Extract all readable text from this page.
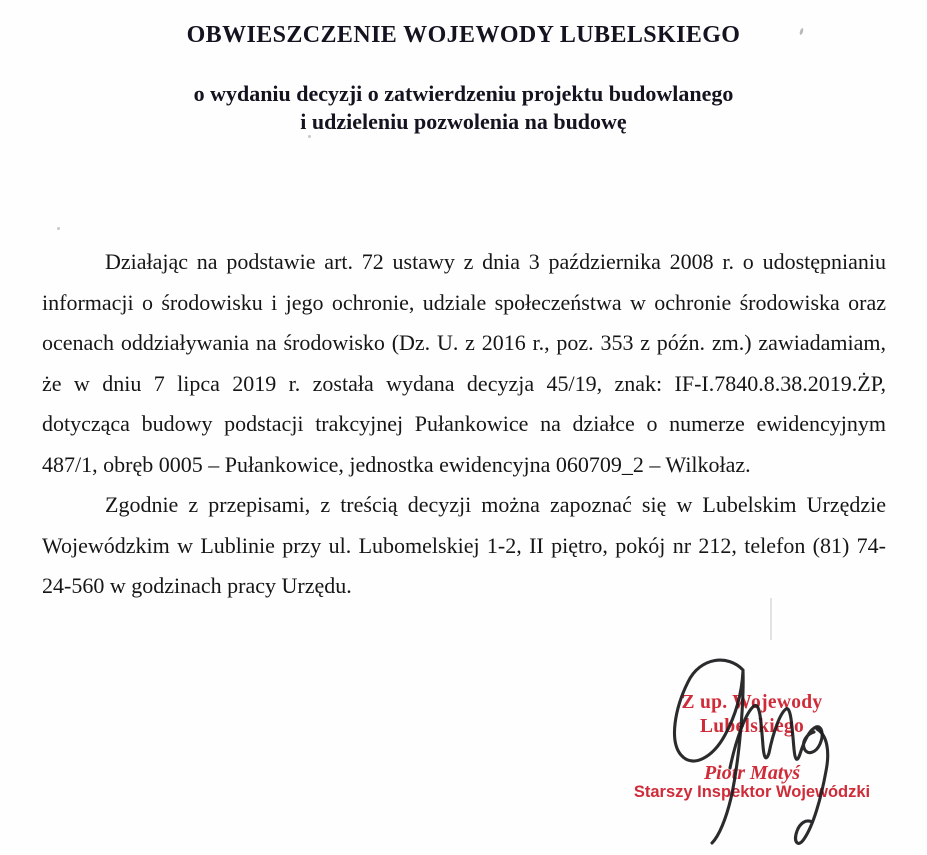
OBWIESZCZENIE WOJEWODY LUBELSKIEGO
o wydaniu decyzji o zatwierdzeniu projektu budowlanego
i udzieleniu pozwolenia na budowę

Działając na podstawie art. 72 ustawy z dnia 3 października 2008 r. o udostępnianiu informacji o środowisku i jego ochronie, udziale społeczeństwa w ochronie środowiska oraz ocenach oddziaływania na środowisko (Dz. U. z 2016 r., poz. 353 z późn. zm.) zawiadamiam, że w dniu 7 lipca 2019 r. została wydana decyzja 45/19, znak: IF-I.7840.8.38.2019.ŻP, dotycząca budowy podstacji trakcyjnej Pułankowice na działce o numerze ewidencyjnym 487/1, obręb 0005 – Pułankowice, jednostka ewidencyjna 060709_2 – Wilkołaz.

Zgodnie z przepisami, z treścią decyzji można zapoznać się w Lubelskim Urzędzie Wojewódzkim w Lublinie przy ul. Lubomelskiej 1-2, II piętro, pokój nr 212, telefon (81) 74-24-560 w godzinach pracy Urzędu.

Z up. Wojewody Lubelskiego
Piotr Matyś
Starszy Inspektor Wojewódzki
